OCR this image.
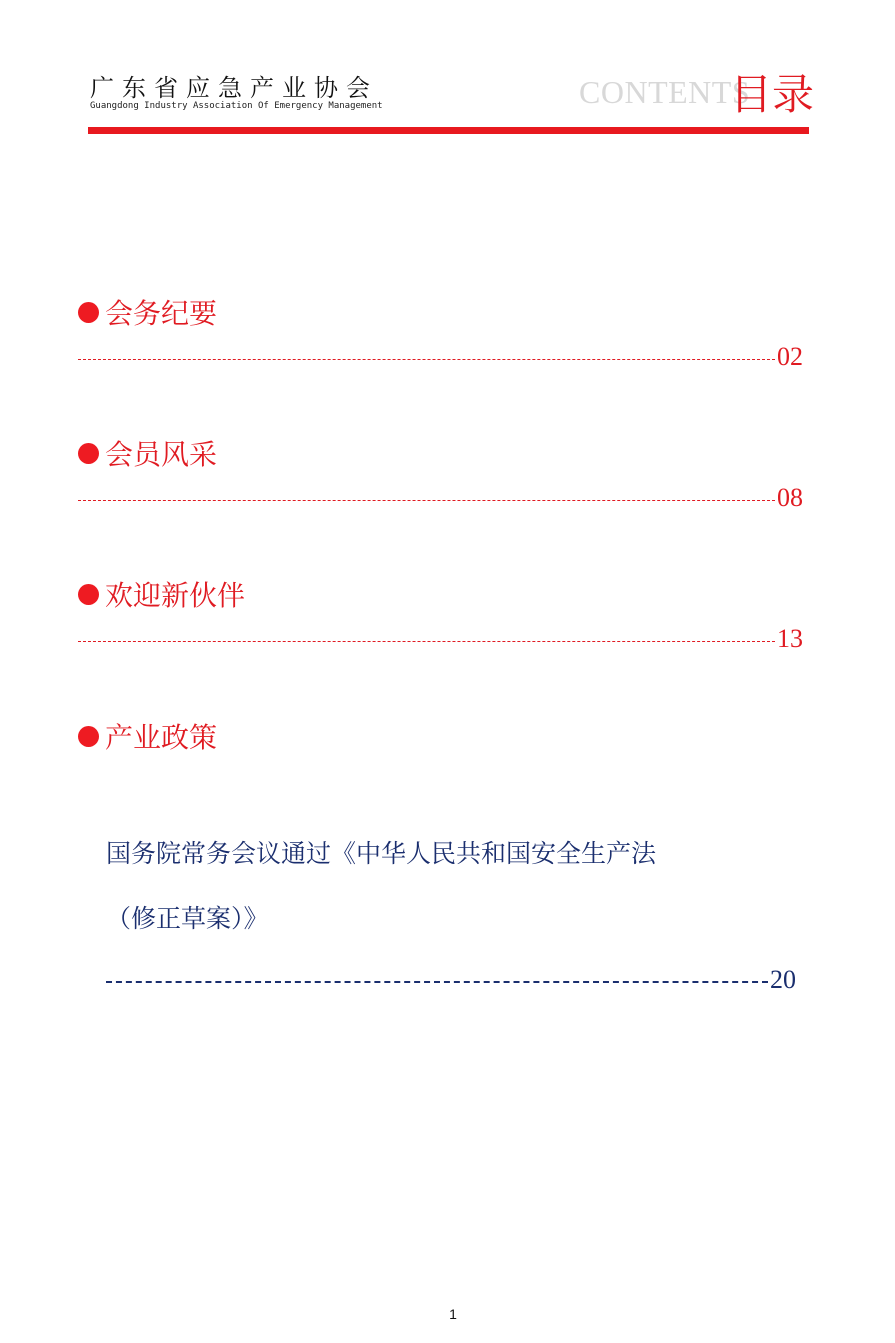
广东省应急产业协会
Guangdong Industry Association Of Emergency Management	CONTENTS
目录
会务纪要
02
会员风采
08
欢迎新伙伴
13
产业政策
国务院常务会议通过《中华人民共和国安全生产法
（修正草案）》
20
1
